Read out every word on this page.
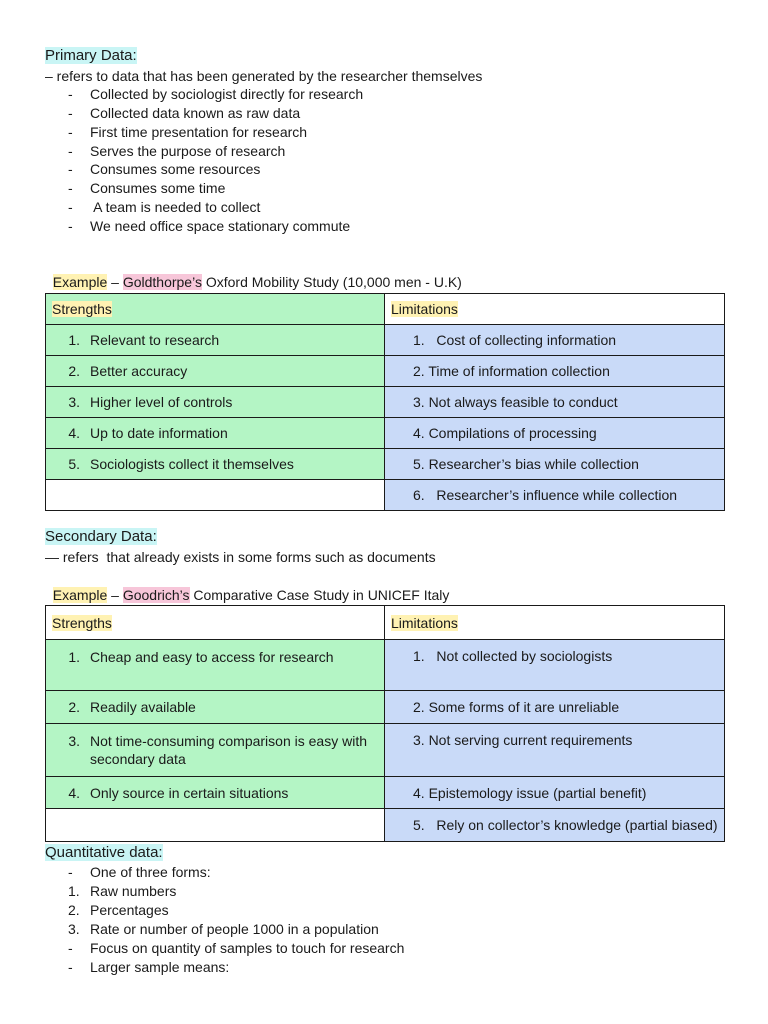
Primary Data:
– refers to data that has been generated by the researcher themselves
- Collected by sociologist directly for research
- Collected data known as raw data
- First time presentation for research
- Serves the purpose of research
- Consumes some resources
- Consumes some time
- A team is needed to collect
- We need office space stationary commute

Example – Goldthorpe’s Oxford Mobility Study (10,000 men - U.K)

Strengths	Limitations

1. Relevant to research	1.   Cost of collecting information

2. Better accuracy	2. Time of information collection

3. Higher level of controls	3. Not always feasible to conduct

4. Up to date information	4. Compilations of processing

5. Sociologists collect it themselves	5. Researcher’s bias while collection
	6.   Researcher’s influence while collection
Secondary Data:
— refers  that already exists in some forms such as documents

Example – Goodrich’s Comparative Case Study in UNICEF Italy

Strengths	Limitations

1. Cheap and easy to access for research	1.   Not collected by sociologists

2. Readily available	2. Some forms of it are unreliable

3. Not time-consuming comparison is easy with secondary data	3. Not serving current requirements

4. Only source in certain situations	4. Epistemology issue (partial benefit)
	5.   Rely on collector’s knowledge (partial biased)
Quantitative data:
- One of three forms:
1. Raw numbers
2. Percentages
3. Rate or number of people 1000 in a population
- Focus on quantity of samples to touch for research
- Larger sample means:
